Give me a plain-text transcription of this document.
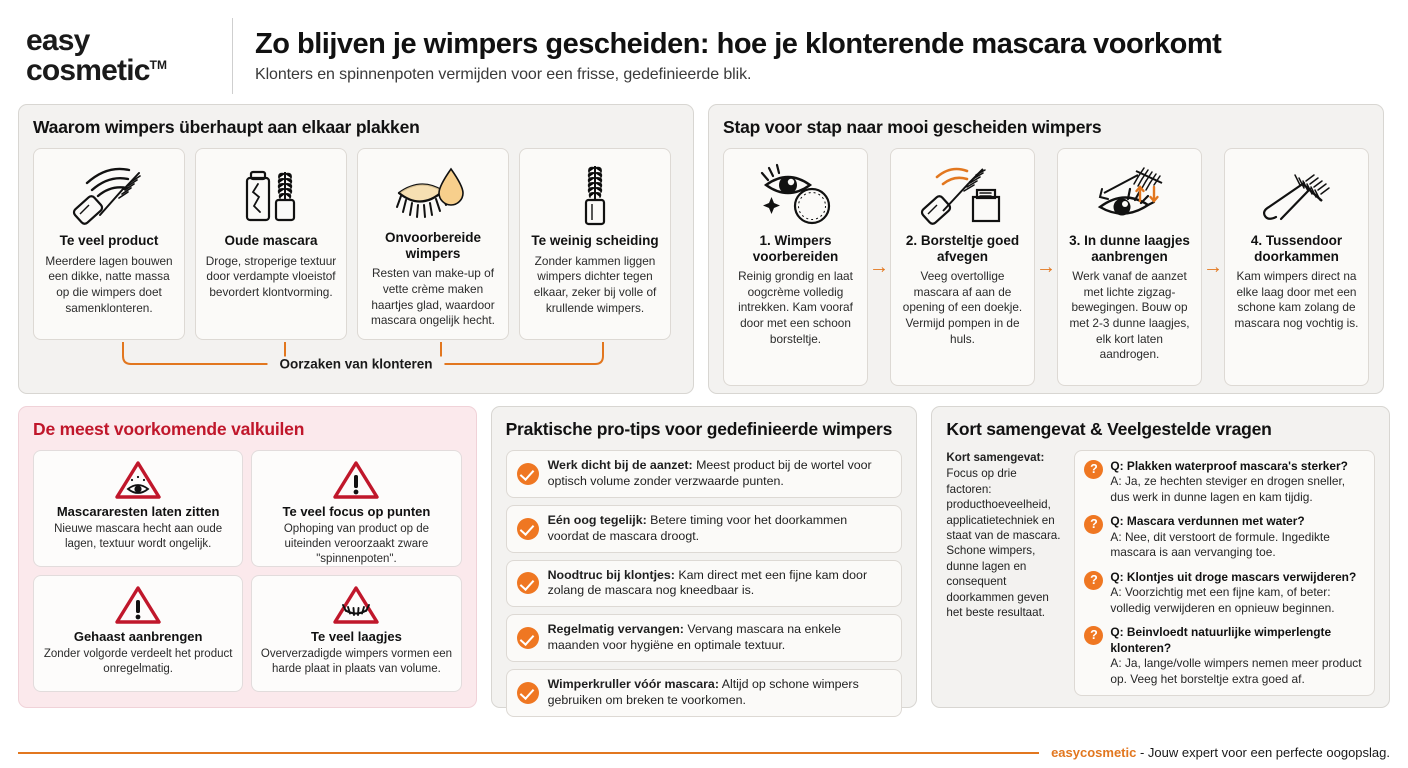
easy
cosmetic™
Zo blijven je wimpers gescheiden: hoe je klonterende mascara voorkomt
Klonters en spinnenpoten vermijden voor een frisse, gedefinieerde blik.
Waarom wimpers überhaupt aan elkaar plakken
Te veel product
Meerdere lagen bouwen een dikke, natte massa op die wimpers doet samenklonteren.
Oude mascara
Droge, stroperige textuur door verdampte vloeistof bevordert klontvorming.
Onvoorbereide wimpers
Resten van make-up of vette crème maken haartjes glad, waardoor mascara ongelijk hecht.
Te weinig scheiding
Zonder kammen liggen wimpers dichter tegen elkaar, zeker bij volle of krullende wimpers.
Oorzaken van klonteren
Stap voor stap naar mooi gescheiden wimpers
1. Wimpers voorbereiden
Reinig grondig en laat oogcrème volledig intrekken. Kam vooraf door met een schoon borsteltje.
→
2. Borsteltje goed afvegen
Veeg overtollige mascara af aan de opening of een doekje. Vermijd pompen in de huls.
→
3. In dunne laagjes aanbrengen
Werk vanaf de aanzet met lichte zigzag-bewegingen. Bouw op met 2-3 dunne laagjes, elk kort laten aandrogen.
→
4. Tussendoor doorkammen
Kam wimpers direct na elke laag door met een schone kam zolang de mascara nog vochtig is.
De meest voorkomende valkuilen
Mascararesten laten zitten
Nieuwe mascara hecht aan oude lagen, textuur wordt ongelijk.
Te veel focus op punten
Ophoping van product op de uiteinden veroorzaakt zware "spinnenpoten".
Gehaast aanbrengen
Zonder volgorde verdeelt het product onregelmatig.
Te veel laagjes
Oververzadigde wimpers vormen een harde plaat in plaats van volume.
Praktische pro-tips voor gedefinieerde wimpers
Werk dicht bij de aanzet: Meest product bij de wortel voor optisch volume zonder verzwaarde punten.
Eén oog tegelijk: Betere timing voor het doorkammen voordat de mascara droogt.
Noodtruc bij klontjes: Kam direct met een fijne kam door zolang de mascara nog kneedbaar is.
Regelmatig vervangen: Vervang mascara na enkele maanden voor hygiëne en optimale textuur.
Wimperkruller vóór mascara: Altijd op schone wimpers gebruiken om breken te voorkomen.
Kort samengevat & Veelgestelde vragen
Kort samengevat:
Focus op drie factoren: producthoeveelheid, applicatietechniek en staat van de mascara. Schone wimpers, dunne lagen en consequent doorkammen geven het beste resultaat.
?	Q: Plakken waterproof mascara's sterker?
A: Ja, ze hechten steviger en drogen sneller, dus werk in dunne lagen en kam tijdig.
?	Q: Mascara verdunnen met water?
A: Nee, dit verstoort de formule. Ingedikte mascara is aan vervanging toe.
?	Q: Klontjes uit droge mascars verwijderen?
A: Voorzichtig met een fijne kam, of beter: volledig verwijderen en opnieuw beginnen.
?	Q: Beinvloedt natuurlijke wimperlengte klonteren?
A: Ja, lange/volle wimpers nemen meer product op. Veeg het borsteltje extra goed af.
easycosmetic - Jouw expert voor een perfecte oogopslag.
